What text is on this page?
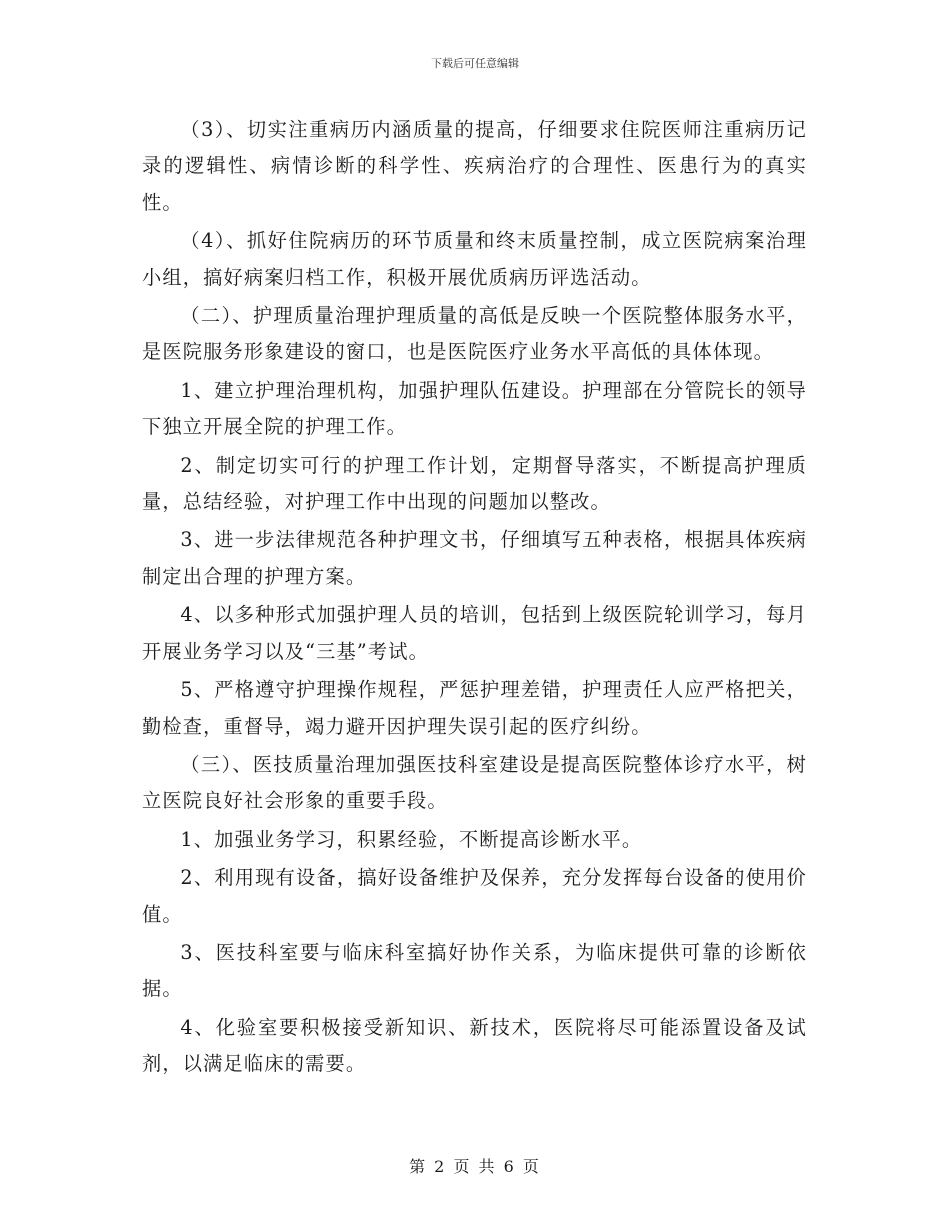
下载后可任意编辑

（3）、切实注重病历内涵质量的提高，仔细要求住院医师注重病历记录的逻辑性、病情诊断的科学性、疾病治疗的合理性、医患行为的真实性。

（4）、抓好住院病历的环节质量和终末质量控制，成立医院病案治理小组，搞好病案归档工作，积极开展优质病历评选活动。

（二）、护理质量治理护理质量的高低是反映一个医院整体服务水平，是医院服务形象建设的窗口，也是医院医疗业务水平高低的具体体现。

1、建立护理治理机构，加强护理队伍建设。护理部在分管院长的领导下独立开展全院的护理工作。

2、制定切实可行的护理工作计划，定期督导落实，不断提高护理质量，总结经验，对护理工作中出现的问题加以整改。

3、进一步法律规范各种护理文书，仔细填写五种表格，根据具体疾病制定出合理的护理方案。

4、以多种形式加强护理人员的培训，包括到上级医院轮训学习，每月开展业务学习以及“三基”考试。

5、严格遵守护理操作规程，严惩护理差错，护理责任人应严格把关，勤检查，重督导，竭力避开因护理失误引起的医疗纠纷。

（三）、医技质量治理加强医技科室建设是提高医院整体诊疗水平，树立医院良好社会形象的重要手段。

1、加强业务学习，积累经验，不断提高诊断水平。

2、利用现有设备，搞好设备维护及保养，充分发挥每台设备的使用价值。

3、医技科室要与临床科室搞好协作关系，为临床提供可靠的诊断依据。

4、化验室要积极接受新知识、新技术，医院将尽可能添置设备及试剂，以满足临床的需要。

第 2 页 共 6 页
